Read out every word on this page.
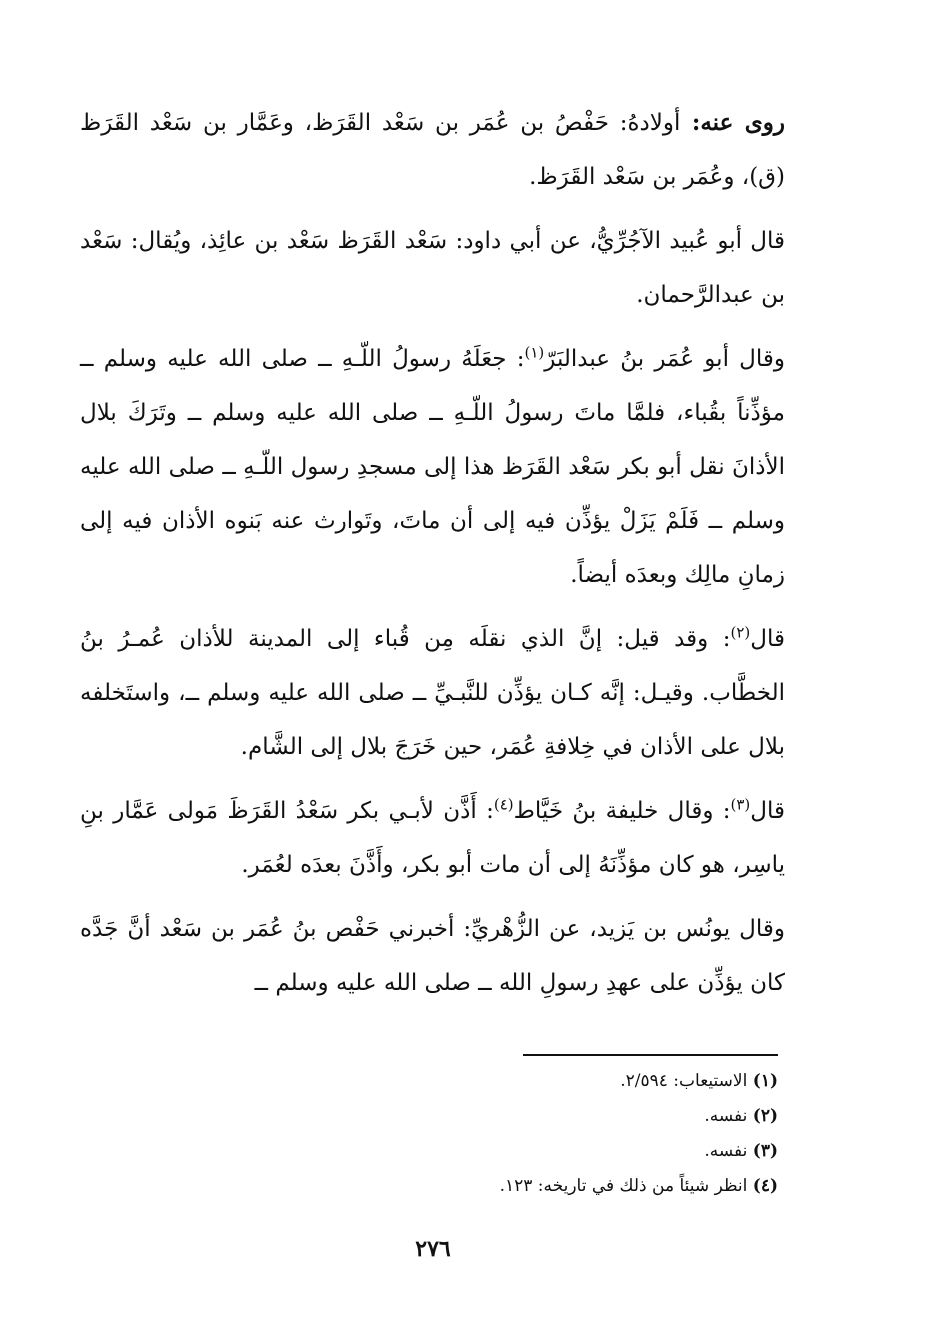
روى عنه: أولادهُ: حَفْصُ بن عُمَر بن سَعْد القَرَظ، وعَمَّار بن سَعْد القَرَظ (ق)، وعُمَر بن سَعْد القَرَظ.

قال أبو عُبيد الآجُرِّيُّ، عن أبي داود: سَعْد القَرَظ سَعْد بن عائِذ، ويُقال: سَعْد بن عبدالرَّحمان.

وقال أبو عُمَر بنُ عبدالبَرّ$^{(١)}$: جعَلَهُ رسولُ اللّـهِ ــ صلى الله عليه وسلم ــ مؤذِّناً بقُباء، فلمَّا ماتَ رسولُ اللّـهِ ــ صلى الله عليه وسلم ــ وتَرَكَ بلال الأذانَ نقل أبو بكر سَعْد القَرَظ هذا إلى مسجدِ رسول اللّـهِ ــ صلى الله عليه وسلم ــ فَلَمْ يَزَلْ يؤذِّن فيه إلى أن ماتَ، وتَوارث عنه بَنوه الأذان فيه إلى زمانِ مالِك وبعدَه أيضاً.

قال$^{(٢)}$: وقد قيل: إنَّ الذي نقلَه مِن قُباء إلى المدينة للأذان عُمـرُ بنُ الخطَّاب. وقيـل: إنَّه كـان يؤذِّن للنَّبـيِّ ــ صلى الله عليه وسلم ــ، واستَخلفه بلال على الأذان في خِلافةِ عُمَر، حين خَرَجَ بلال إلى الشَّام.

قال$^{(٣)}$: وقال خليفة بنُ خَيَّاط$^{(٤)}$: أَذَّن لأبـي بكر سَعْدُ القَرَظَ مَولى عَمَّار بنِ ياسِر، هو كان مؤذِّنَهُ إلى أن مات أبو بكر، وأَذَّنَ بعدَه لعُمَر.

وقال يونُس بن يَزيد، عن الزُّهْريِّ: أخبرني حَفْص بنُ عُمَر بن سَعْد أنَّ جَدَّه كان يؤذِّن على عهدِ رسولِ الله ــ صلى الله عليه وسلم ــ

(١) الاستيعاب: ٢/٥٩٤.

(٢) نفسه.

(٣) نفسه.

(٤) انظر شيئاً من ذلك في تاريخه: ١٢٣.

٢٧٦
